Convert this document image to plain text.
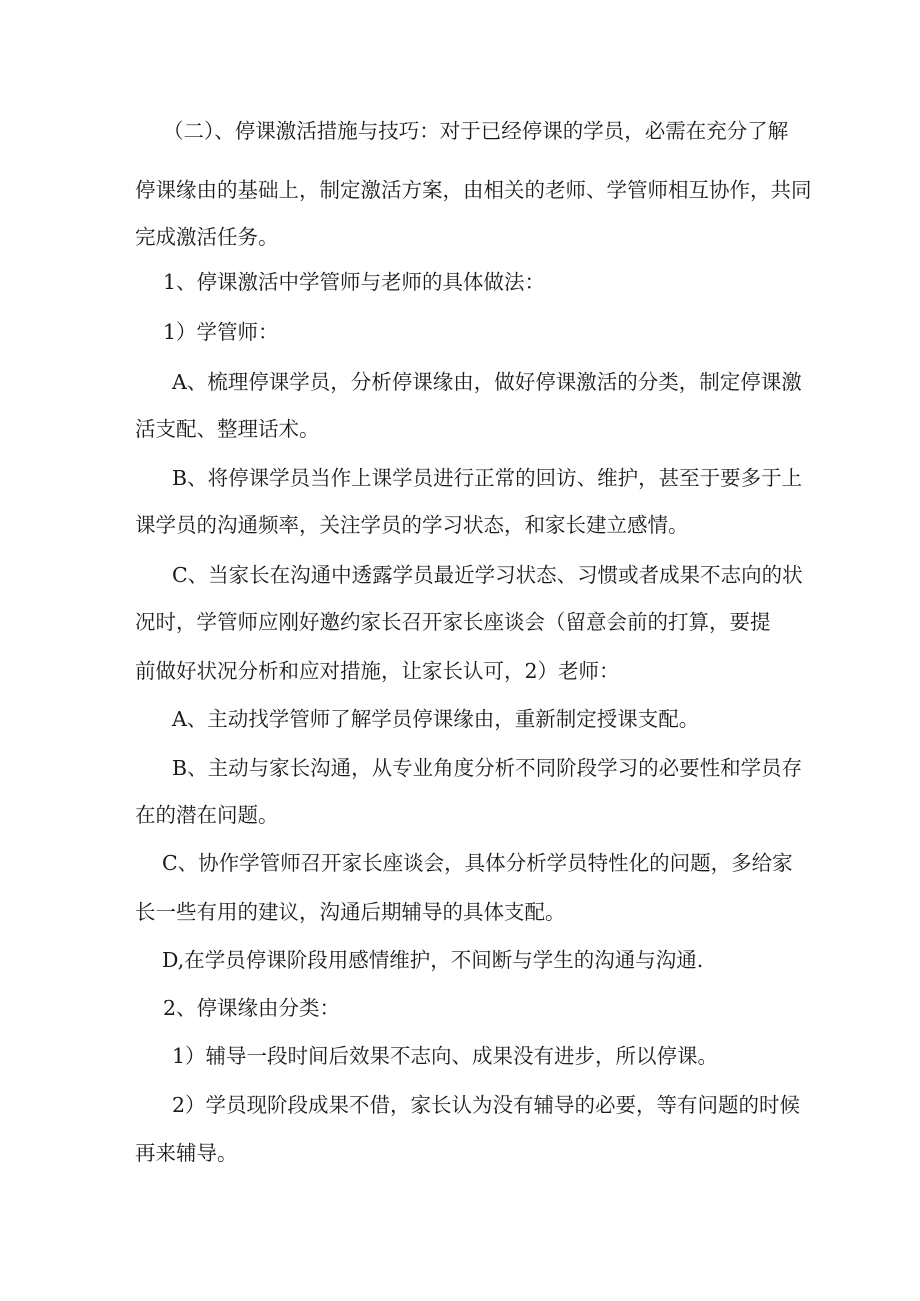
（二）、停课激活措施与技巧：对于已经停课的学员，必需在充分了解
停课缘由的基础上，制定激活方案，由相关的老师、学管师相互协作，共同
完成激活任务。
1、停课激活中学管师与老师的具体做法：
1）学管师：
A、梳理停课学员，分析停课缘由，做好停课激活的分类，制定停课激
活支配、整理话术。
B、将停课学员当作上课学员进行正常的回访、维护，甚至于要多于上
课学员的沟通频率，关注学员的学习状态，和家长建立感情。
C、当家长在沟通中透露学员最近学习状态、习惯或者成果不志向的状
况时，学管师应刚好邀约家长召开家长座谈会（留意会前的打算，要提
前做好状况分析和应对措施，让家长认可，2）老师：
A、主动找学管师了解学员停课缘由，重新制定授课支配。
B、主动与家长沟通，从专业角度分析不同阶段学习的必要性和学员存
在的潜在问题。
C、协作学管师召开家长座谈会，具体分析学员特性化的问题，多给家
长一些有用的建议，沟通后期辅导的具体支配。
D,在学员停课阶段用感情维护，不间断与学生的沟通与沟通.
2、停课缘由分类：
1）辅导一段时间后效果不志向、成果没有进步，所以停课。
2）学员现阶段成果不借，家长认为没有辅导的必要，等有问题的时候
再来辅导。
